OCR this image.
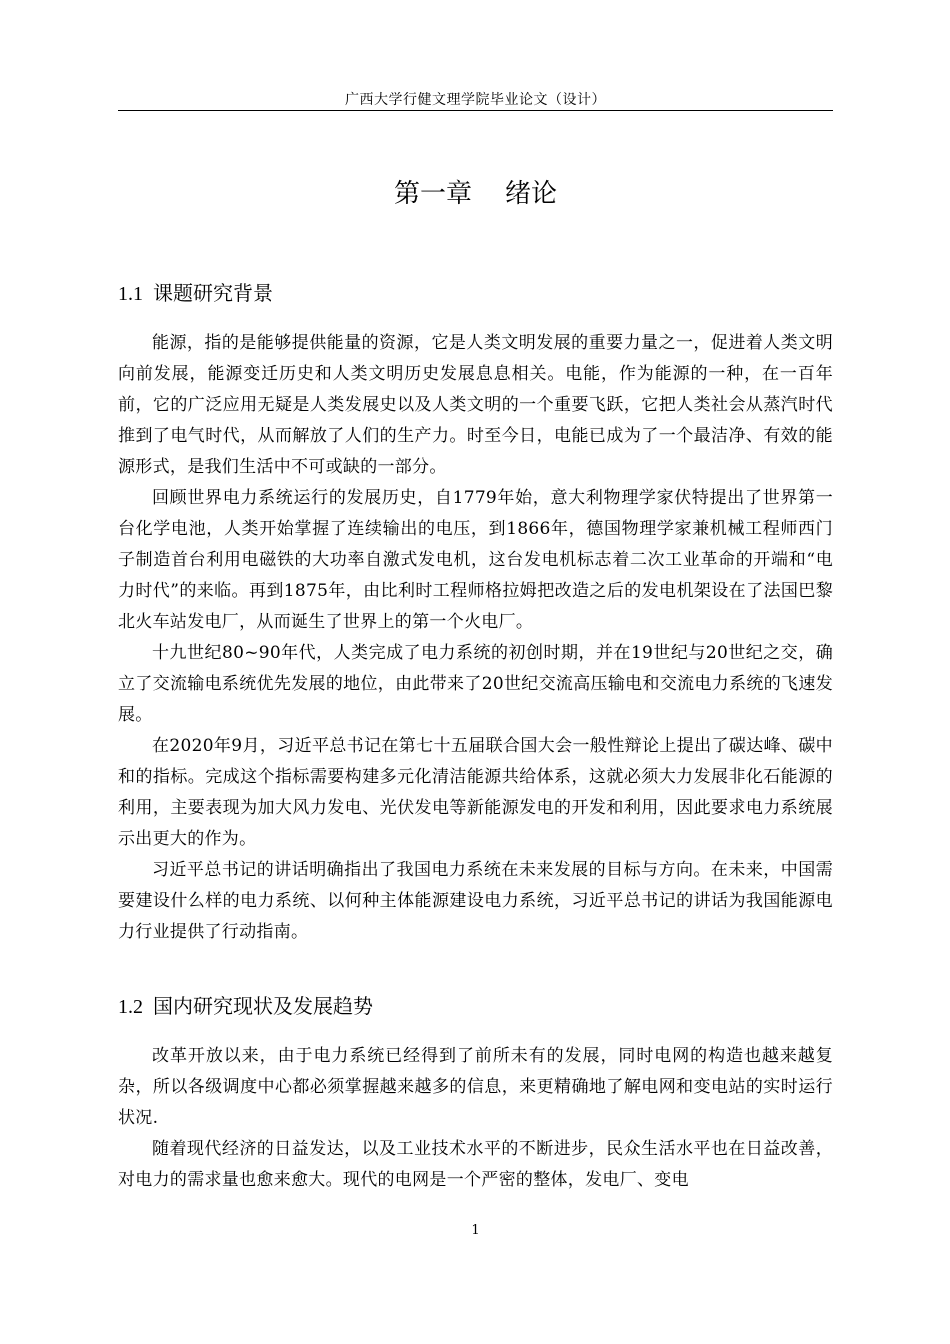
广西大学行健文理学院毕业论文（设计）
第一章    绪论
1.1 课题研究背景

能源，指的是能够提供能量的资源，它是人类文明发展的重要力量之一，促进着人类文明向前发展，能源变迁历史和人类文明历史发展息息相关。电能，作为能源的一种，在一百年前，它的广泛应用无疑是人类发展史以及人类文明的一个重要飞跃，它把人类社会从蒸汽时代推到了电气时代，从而解放了人们的生产力。时至今日，电能已成为了一个最洁净、有效的能源形式，是我们生活中不可或缺的一部分。

回顾世界电力系统运行的发展历史，自1779年始，意大利物理学家伏特提出了世界第一台化学电池，人类开始掌握了连续输出的电压，到1866年，德国物理学家兼机械工程师西门子制造首台利用电磁铁的大功率自激式发电机，这台发电机标志着二次工业革命的开端和“电力时代”的来临。再到1875年，由比利时工程师格拉姆把改造之后的发电机架设在了法国巴黎北火车站发电厂，从而诞生了世界上的第一个火电厂。

十九世纪80~90年代，人类完成了电力系统的初创时期，并在19世纪与20世纪之交，确立了交流输电系统优先发展的地位，由此带来了20世纪交流高压输电和交流电力系统的飞速发展。

在2020年9月，习近平总书记在第七十五届联合国大会一般性辩论上提出了碳达峰、碳中和的指标。完成这个指标需要构建多元化清洁能源共给体系，这就必须大力发展非化石能源的利用，主要表现为加大风力发电、光伏发电等新能源发电的开发和利用，因此要求电力系统展示出更大的作为。

习近平总书记的讲话明确指出了我国电力系统在未来发展的目标与方向。在未来，中国需要建设什么样的电力系统、以何种主体能源建设电力系统，习近平总书记的讲话为我国能源电力行业提供了行动指南。

1.2 国内研究现状及发展趋势

改革开放以来，由于电力系统已经得到了前所未有的发展，同时电网的构造也越来越复杂，所以各级调度中心都必须掌握越来越多的信息，来更精确地了解电网和变电站的实时运行状况.

随着现代经济的日益发达，以及工业技术水平的不断进步，民众生活水平也在日益改善，对电力的需求量也愈来愈大。现代的电网是一个严密的整体，发电厂、变电

1
